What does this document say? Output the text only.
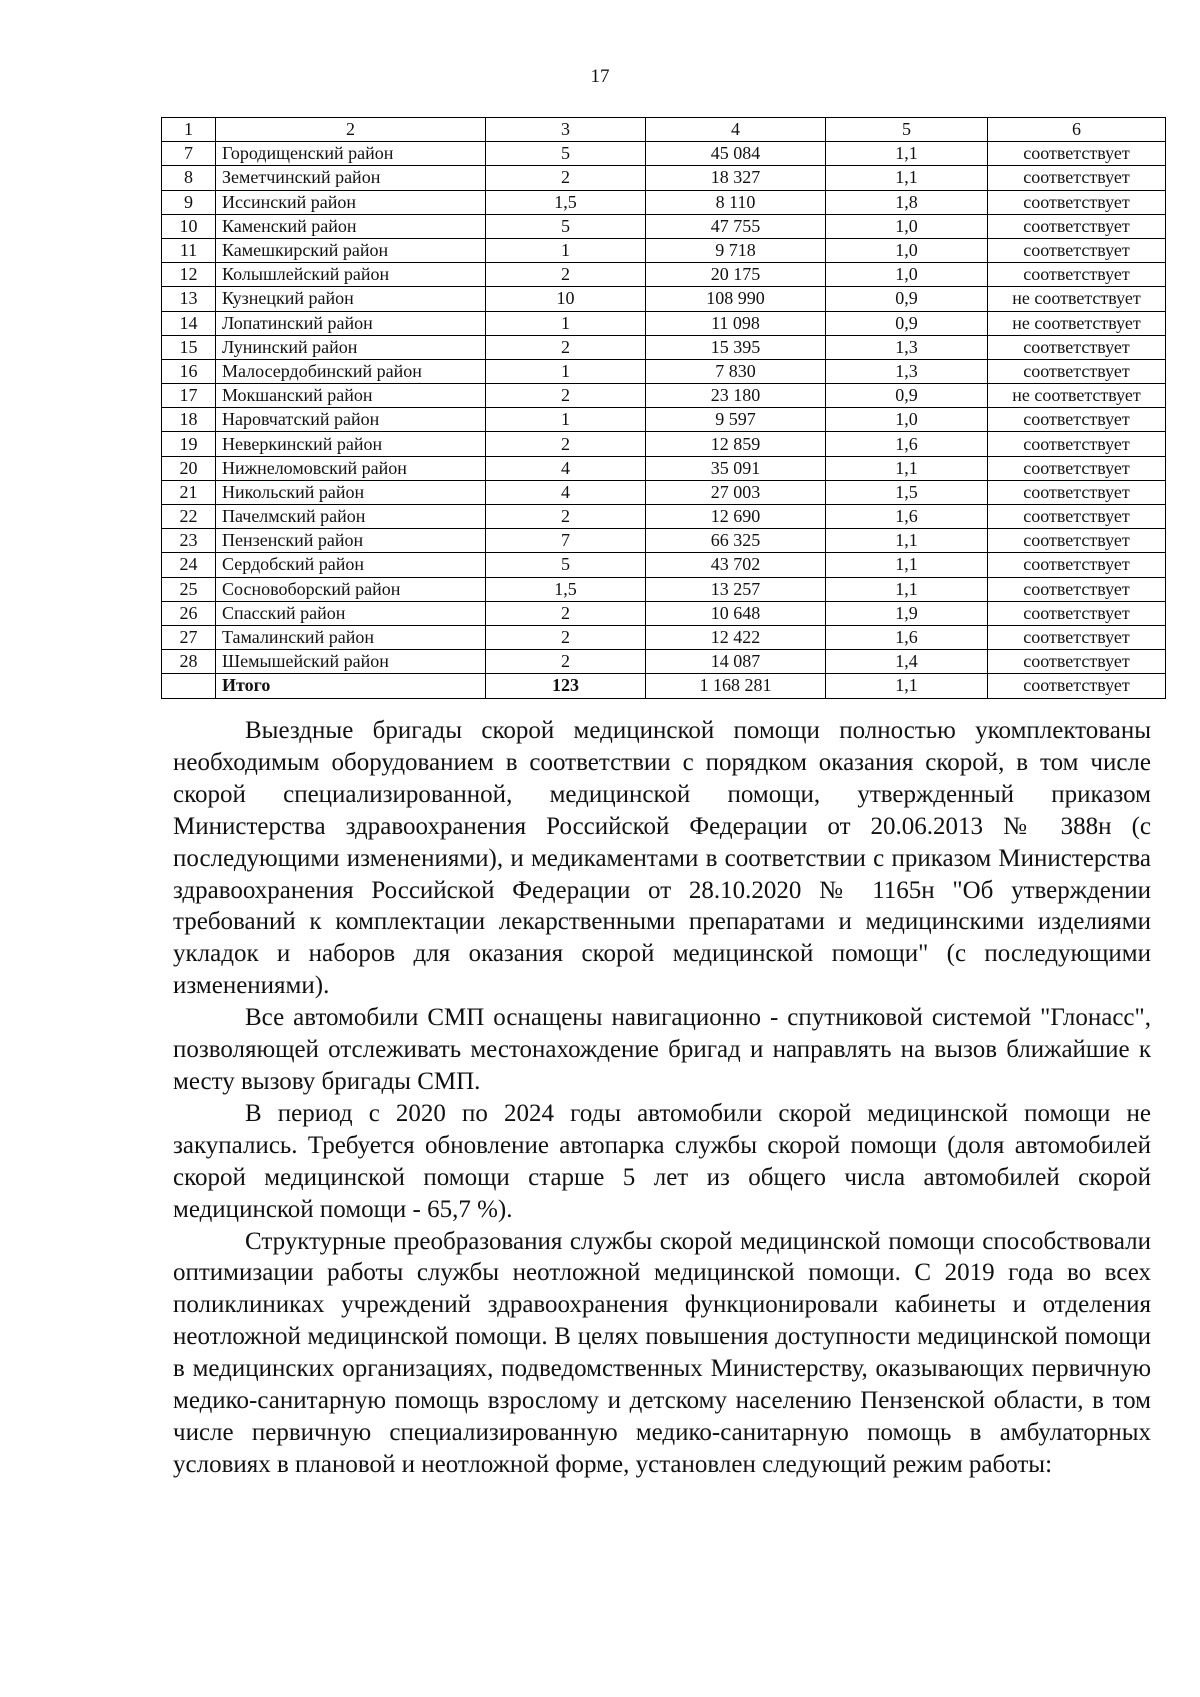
17
1	2	3	4	5	6
7	Городищенский район	5	45 084	1,1	соответствует
8	Земетчинский район	2	18 327	1,1	соответствует
9	Иссинский район	1,5	8 110	1,8	соответствует
10	Каменский район	5	47 755	1,0	соответствует
11	Камешкирский район	1	9 718	1,0	соответствует
12	Колышлейский район	2	20 175	1,0	соответствует
13	Кузнецкий район	10	108 990	0,9	не соответствует
14	Лопатинский район	1	11 098	0,9	не соответствует
15	Лунинский район	2	15 395	1,3	соответствует
16	Малосердобинский район	1	7 830	1,3	соответствует
17	Мокшанский район	2	23 180	0,9	не соответствует
18	Наровчатский район	1	9 597	1,0	соответствует
19	Неверкинский район	2	12 859	1,6	соответствует
20	Нижнеломовский район	4	35 091	1,1	соответствует
21	Никольский район	4	27 003	1,5	соответствует
22	Пачелмский район	2	12 690	1,6	соответствует
23	Пензенский район	7	66 325	1,1	соответствует
24	Сердобский район	5	43 702	1,1	соответствует
25	Сосновоборский район	1,5	13 257	1,1	соответствует
26	Спасский район	2	10 648	1,9	соответствует
27	Тамалинский район	2	12 422	1,6	соответствует
28	Шемышейский район	2	14 087	1,4	соответствует
	Итого	123	1 168 281	1,1	соответствует

Выездные бригады скорой медицинской помощи полностью укомплектованы необходимым оборудованием в соответствии с порядком оказания скорой, в том числе скорой специализированной, медицинской помощи, утвержденный приказом Министерства здравоохранения Российской Федерации от 20.06.2013 № 388н (с последующими изменениями), и медикаментами в соответствии с приказом Министерства здравоохранения Российской Федерации от 28.10.2020 № 1165н "Об утверждении требований к комплектации лекарственными препаратами и медицинскими изделиями укладок и наборов для оказания скорой медицинской помощи" (с последующими изменениями).

Все автомобили СМП оснащены навигационно - спутниковой системой "Глонасс", позволяющей отслеживать местонахождение бригад и направлять на вызов ближайшие к месту вызову бригады СМП.

В период с 2020 по 2024 годы автомобили скорой медицинской помощи не закупались. Требуется обновление автопарка службы скорой помощи (доля автомобилей скорой медицинской помощи старше 5 лет из общего числа автомобилей скорой медицинской помощи - 65,7 %).

Структурные преобразования службы скорой медицинской помощи способствовали оптимизации работы службы неотложной медицинской помощи. С 2019 года во всех поликлиниках учреждений здравоохранения функционировали кабинеты и отделения неотложной медицинской помощи. В целях повышения доступности медицинской помощи в медицинских организациях, подведомственных Министерству, оказывающих первичную медико-санитарную помощь взрослому и детскому населению Пензенской области, в том числе первичную специализированную медико-санитарную помощь в амбулаторных условиях в плановой и неотложной форме, установлен следующий режим работы:
